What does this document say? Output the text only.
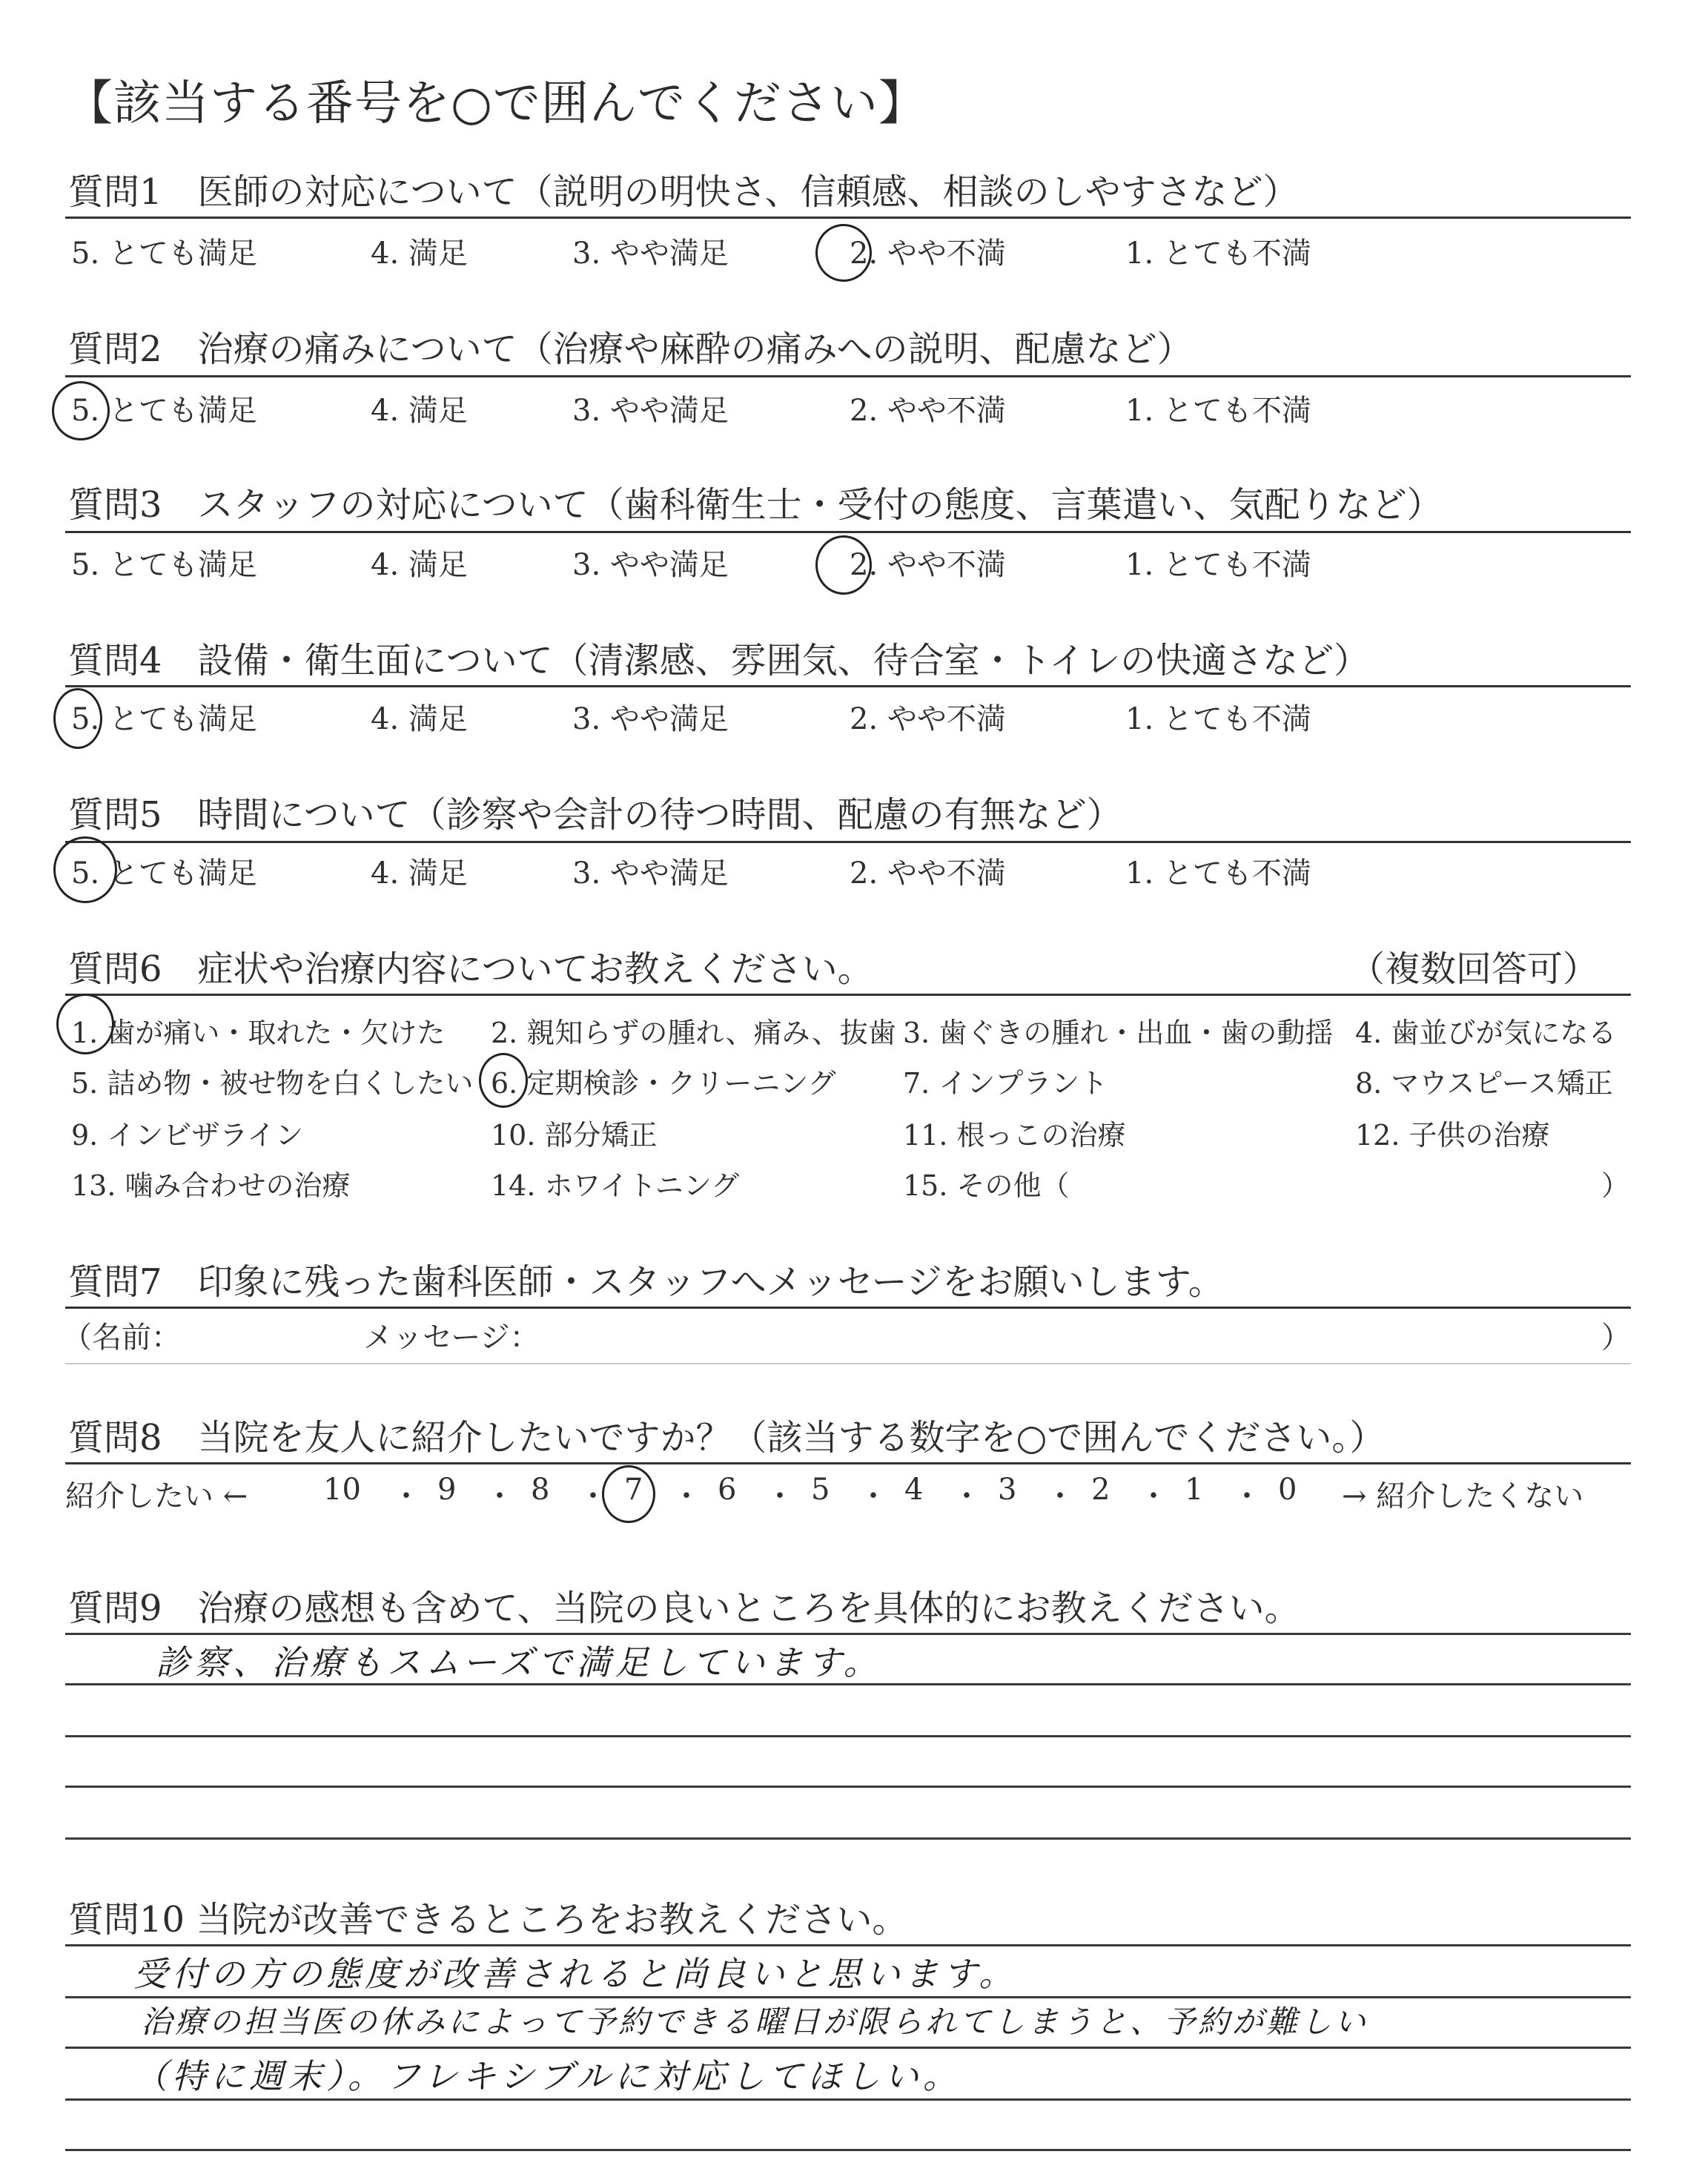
【該当する番号を○で囲んでください】
質問1　医師の対応について（説明の明快さ、信頼感、相談のしやすさなど）
5. とても満足	4. 満足	3. やや満足	2. やや不満	1. とても不満
質問2　治療の痛みについて（治療や麻酔の痛みへの説明、配慮など）
5. とても満足	4. 満足	3. やや満足	2. やや不満	1. とても不満
質問3　スタッフの対応について（歯科衛生士・受付の態度、言葉遣い、気配りなど）
5. とても満足	4. 満足	3. やや満足	2. やや不満	1. とても不満
質問4　設備・衛生面について（清潔感、雰囲気、待合室・トイレの快適さなど）
5. とても満足	4. 満足	3. やや満足	2. やや不満	1. とても不満
質問5　時間について（診察や会計の待つ時間、配慮の有無など）
5. とても満足	4. 満足	3. やや満足	2. やや不満	1. とても不満
質問6　症状や治療内容についてお教えください。	（複数回答可）
1. 歯が痛い・取れた・欠けた 2. 親知らずの腫れ、痛み、抜歯 3. 歯ぐきの腫れ・出血・歯の動揺 4. 歯並びが気になる
5. 詰め物・被せ物を白くしたい 6. 定期検診・クリーニング 7. インプラント	8. マウスピース矯正
9. インビザライン	10. 部分矯正	11. 根っこの治療	12. 子供の治療
13. 噛み合わせの治療	14. ホワイトニング	15. その他（	）
質問7　印象に残った歯科医師・スタッフへメッセージをお願いします。
（名前：	メッセージ：	）
質問8　当院を友人に紹介したいですか？（該当する数字を○で囲んでください。）
紹介したい ←	10	9	8	7	6	5	4	3	2	1	0
・ ・ ・ ・ ・ ・ ・ ・ ・ ・	→ 紹介したくない
質問9　治療の感想も含めて、当院の良いところを具体的にお教えください。
診察、治療もスムーズで満足しています。
質問10 当院が改善できるところをお教えください。
受付の方の態度が改善されると尚良いと思います。
治療の担当医の休みによって予約できる曜日が限られてしまうと、予約が難しい
（特に週末）。フレキシブルに対応してほしい。
